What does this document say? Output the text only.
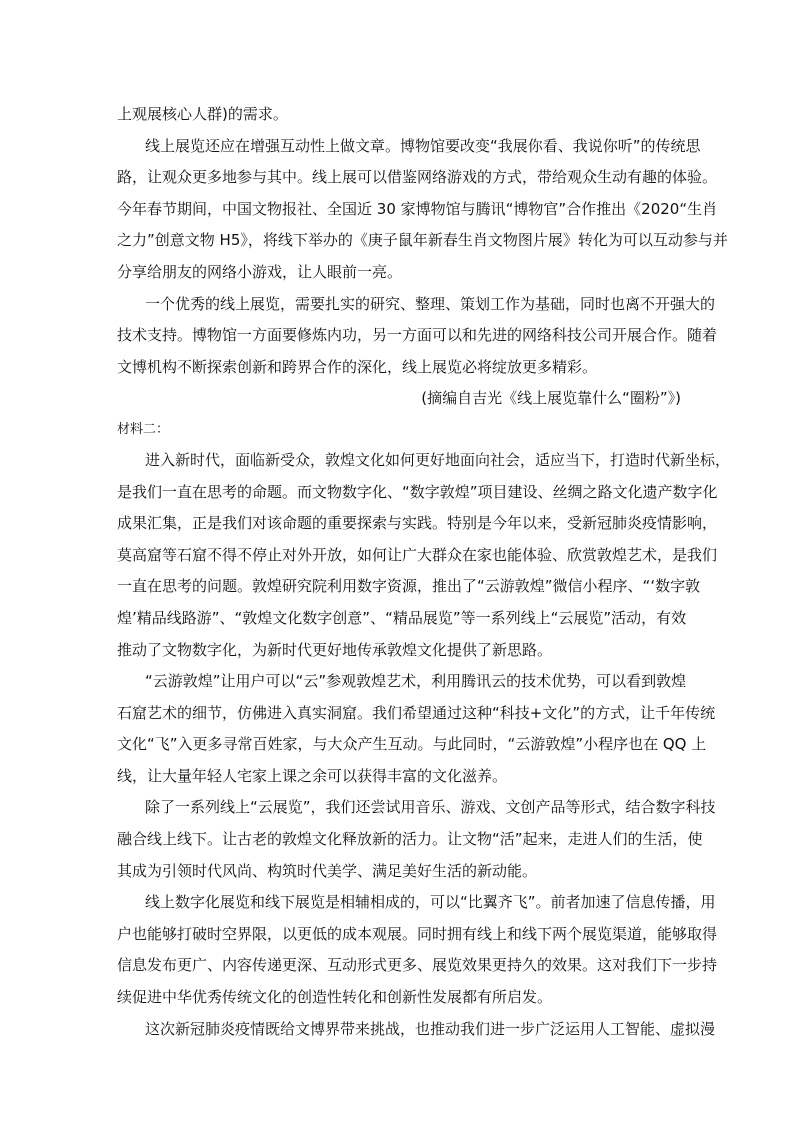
上观展核心人群)的需求。
线上展览还应在增强互动性上做文章。博物馆要改变“我展你看、我说你听”的传统思
路，让观众更多地参与其中。线上展可以借鉴网络游戏的方式，带给观众生动有趣的体验。
今年春节期间，中国文物报社、全国近 30 家博物馆与腾讯“博物官”合作推出《2020“生肖
之力”创意文物 H5》，将线下举办的《庚子鼠年新春生肖文物图片展》转化为可以互动参与并
分享给朋友的网络小游戏，让人眼前一亮。
一个优秀的线上展览，需要扎实的研究、整理、策划工作为基础，同时也离不开强大的
技术支持。博物馆一方面要修炼内功，另一方面可以和先进的网络科技公司开展合作。随着
文博机构不断探索创新和跨界合作的深化，线上展览必将绽放更多精彩。
(摘编自吉光《线上展览靠什么“圈粉”》)
材料二：
进入新时代，面临新受众，敦煌文化如何更好地面向社会，适应当下，打造时代新坐标，
是我们一直在思考的命题。而文物数字化、“数字敦煌”项目建设、丝绸之路文化遗产数字化
成果汇集，正是我们对该命题的重要探索与实践。特别是今年以来，受新冠肺炎疫情影响，
莫高窟等石窟不得不停止对外开放，如何让广大群众在家也能体验、欣赏敦煌艺术，是我们
一直在思考的问题。敦煌研究院利用数字资源，推出了“云游敦煌”微信小程序、“‘数字敦
煌’精品线路游”、“敦煌文化数字创意”、“精品展览”等一系列线上“云展览”活动，有效
推动了文物数字化，为新时代更好地传承敦煌文化提供了新思路。
“云游敦煌”让用户可以“云”参观敦煌艺术，利用腾讯云的技术优势，可以看到敦煌
石窟艺术的细节，仿佛进入真实洞窟。我们希望通过这种“科技+文化”的方式，让千年传统
文化“飞”入更多寻常百姓家，与大众产生互动。与此同时，“云游敦煌”小程序也在 QQ 上
线，让大量年轻人宅家上课之余可以获得丰富的文化滋养。
除了一系列线上“云展览”，我们还尝试用音乐、游戏、文创产品等形式，结合数字科技
融合线上线下。让古老的敦煌文化释放新的活力。让文物“活”起来，走进人们的生活，使
其成为引领时代风尚、构筑时代美学、满足美好生活的新动能。
线上数字化展览和线下展览是相辅相成的，可以“比翼齐飞”。前者加速了信息传播，用
户也能够打破时空界限，以更低的成本观展。同时拥有线上和线下两个展览渠道，能够取得
信息发布更广、内容传递更深、互动形式更多、展览效果更持久的效果。这对我们下一步持
续促进中华优秀传统文化的创造性转化和创新性发展都有所启发。
这次新冠肺炎疫情既给文博界带来挑战，也推动我们进一步广泛运用人工智能、虚拟漫
